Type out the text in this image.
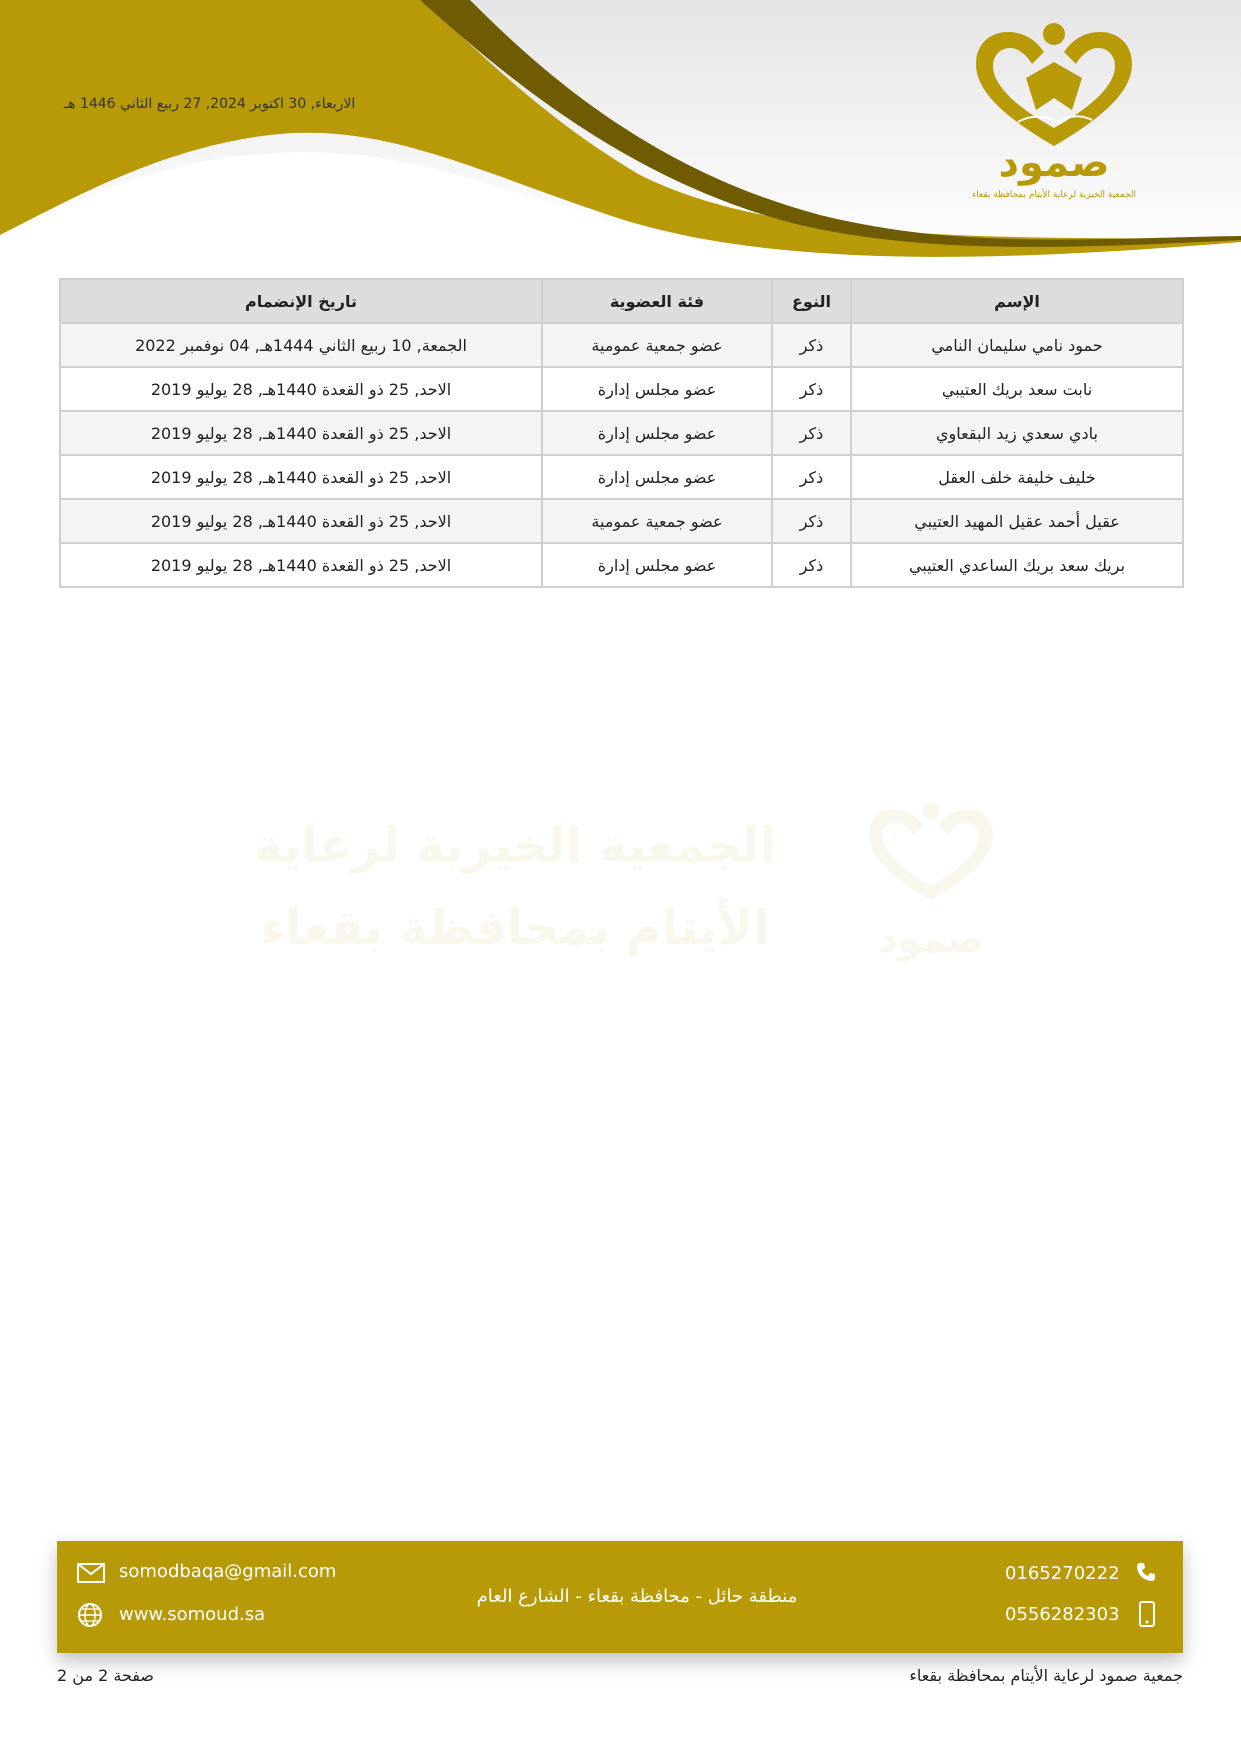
الاربعاء, 30 اكتوبر 2024, 27 ربيع الثاني 1446 هـ
صمود
الجمعية الخيرية لرعاية الأيتام بمحافظة بقعاء
الجمعية الخيرية لرعاية
الأيتام بمحافظة بقعاء	صمود
الإسم	النوع	فئة العضوية	تاريخ الإنضمام
حمود نامي سليمان النامي	ذكر	عضو جمعية عمومية	الجمعة, 10 ربيع الثاني 1444هـ, 04 نوفمبر 2022
نابت سعد بريك العتيبي	ذكر	عضو مجلس إدارة	الاحد, 25 ذو القعدة 1440هـ, 28 يوليو 2019
بادي سعدي زيد البقعاوي	ذكر	عضو مجلس إدارة	الاحد, 25 ذو القعدة 1440هـ, 28 يوليو 2019
خليف خليفة خلف العقل	ذكر	عضو مجلس إدارة	الاحد, 25 ذو القعدة 1440هـ, 28 يوليو 2019
عقيل أحمد عقيل المهيد العتيبي	ذكر	عضو جمعية عمومية	الاحد, 25 ذو القعدة 1440هـ, 28 يوليو 2019
بريك سعد بريك الساعدي العتيبي	ذكر	عضو مجلس إدارة	الاحد, 25 ذو القعدة 1440هـ, 28 يوليو 2019
somodbaqa@gmail.com
www.somoud.sa
منطقة حائل - محافظة بقعاء - الشارع العام
0165270222
0556282303
صفحة 2 من 2	جمعية صمود لرعاية الأيتام بمحافظة بقعاء
